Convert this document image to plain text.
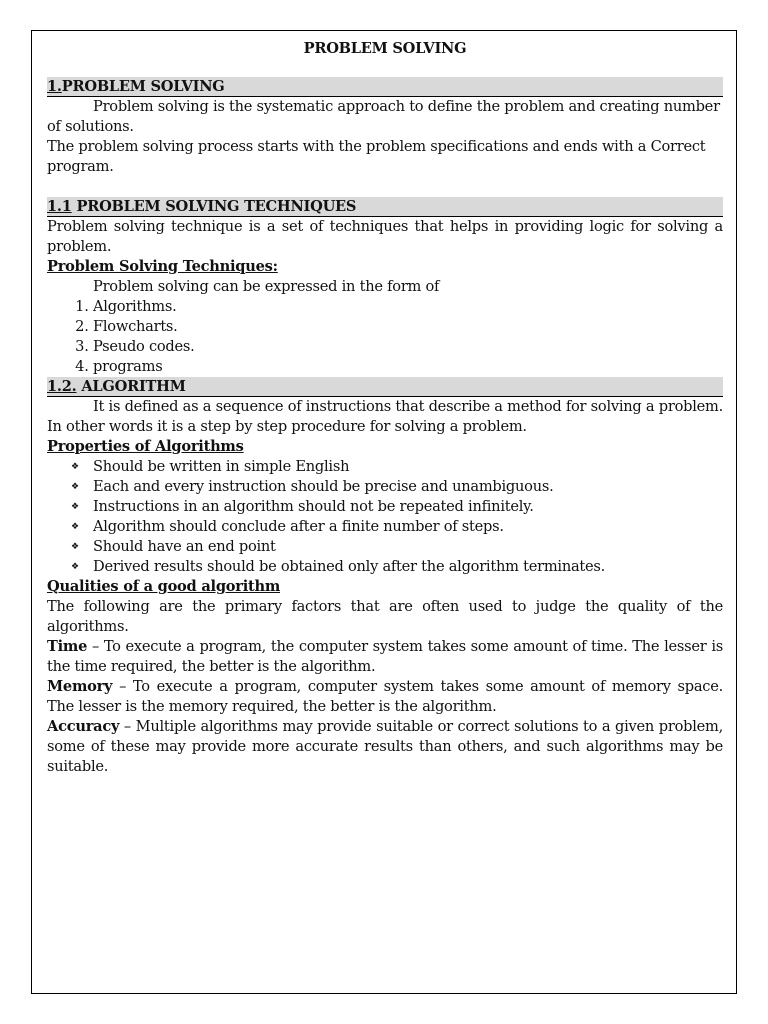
PROBLEM SOLVING

1.PROBLEM SOLVING

Problem solving is the systematic approach to define the problem and creating number of solutions.

The problem solving process starts with the problem specifications and ends with a Correct program.

1.1 PROBLEM SOLVING TECHNIQUES

Problem solving technique is a set of techniques that helps in providing logic for solving a problem.

Problem Solving Techniques:

Problem solving can be expressed in the form of

1. Algorithms.
2. Flowcharts.
3. Pseudo codes.
4. programs
1.2. ALGORITHM

It is defined as a sequence of instructions that describe a method for solving a problem. In other words it is a step by step procedure for solving a problem.

Properties of Algorithms

❖ Should be written in simple English
❖ Each and every instruction should be precise and unambiguous.
❖ Instructions in an algorithm should not be repeated infinitely.
❖ Algorithm should conclude after a finite number of steps.
❖ Should have an end point
❖ Derived results should be obtained only after the algorithm terminates.

Qualities of a good algorithm

The following are the primary factors that are often used to judge the quality of the algorithms.

Time – To execute a program, the computer system takes some amount of time. The lesser is the time required, the better is the algorithm.

Memory – To execute a program, computer system takes some amount of memory space. The lesser is the memory required, the better is the algorithm.

Accuracy – Multiple algorithms may provide suitable or correct solutions to a given problem, some of these may provide more accurate results than others, and such algorithms may be suitable.
